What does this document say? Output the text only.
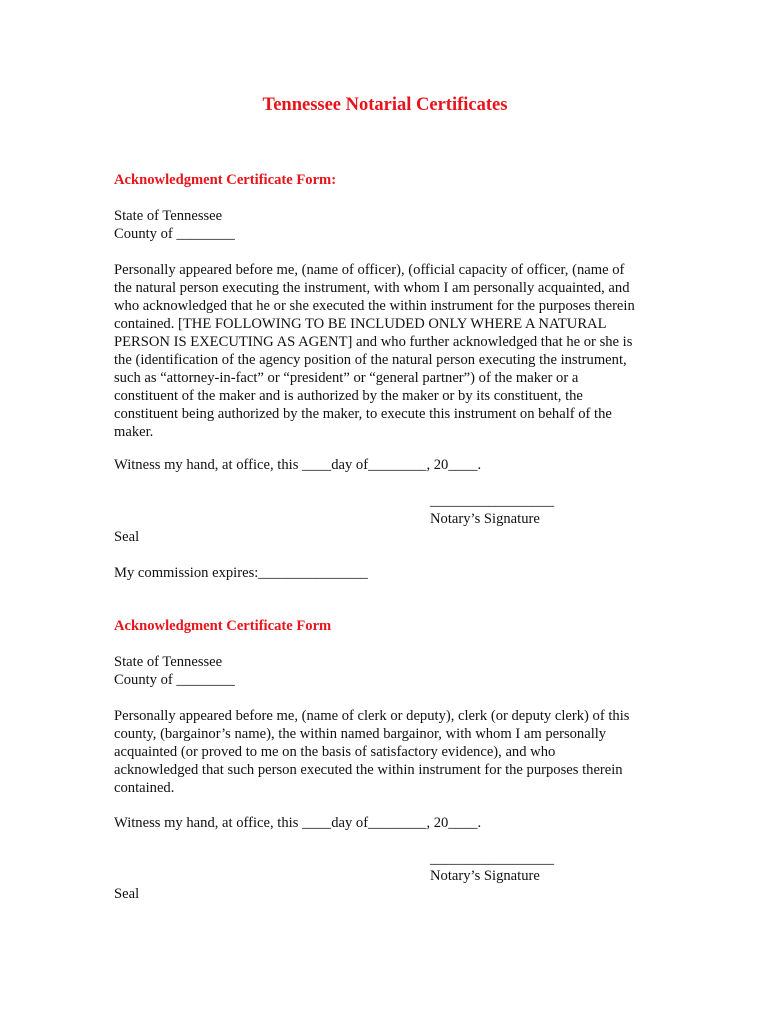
Tennessee Notarial Certificates
Acknowledgment Certificate Form:
State of Tennessee
County of ________
Personally appeared before me, (name of officer), (official capacity of officer, (name of
the natural person executing the instrument, with whom I am personally acquainted, and
who acknowledged that he or she executed the within instrument for the purposes therein
contained. [THE FOLLOWING TO BE INCLUDED ONLY WHERE A NATURAL
PERSON IS EXECUTING AS AGENT] and who further acknowledged that he or she is
the (identification of the agency position of the natural person executing the instrument,
such as “attorney-in-fact” or “president” or “general partner”) of the maker or a
constituent of the maker and is authorized by the maker or by its constituent, the
constituent being authorized by the maker, to execute this instrument on behalf of the
maker.
Witness my hand, at office, this ____day of________, 20____.
_________________
Notary’s Signature
Seal
My commission expires:_______________
Acknowledgment Certificate Form
State of Tennessee
County of ________
Personally appeared before me, (name of clerk or deputy), clerk (or deputy clerk) of this
county, (bargainor’s name), the within named bargainor, with whom I am personally
acquainted (or proved to me on the basis of satisfactory evidence), and who
acknowledged that such person executed the within instrument for the purposes therein
contained.
Witness my hand, at office, this ____day of________, 20____.
_________________
Notary’s Signature
Seal
